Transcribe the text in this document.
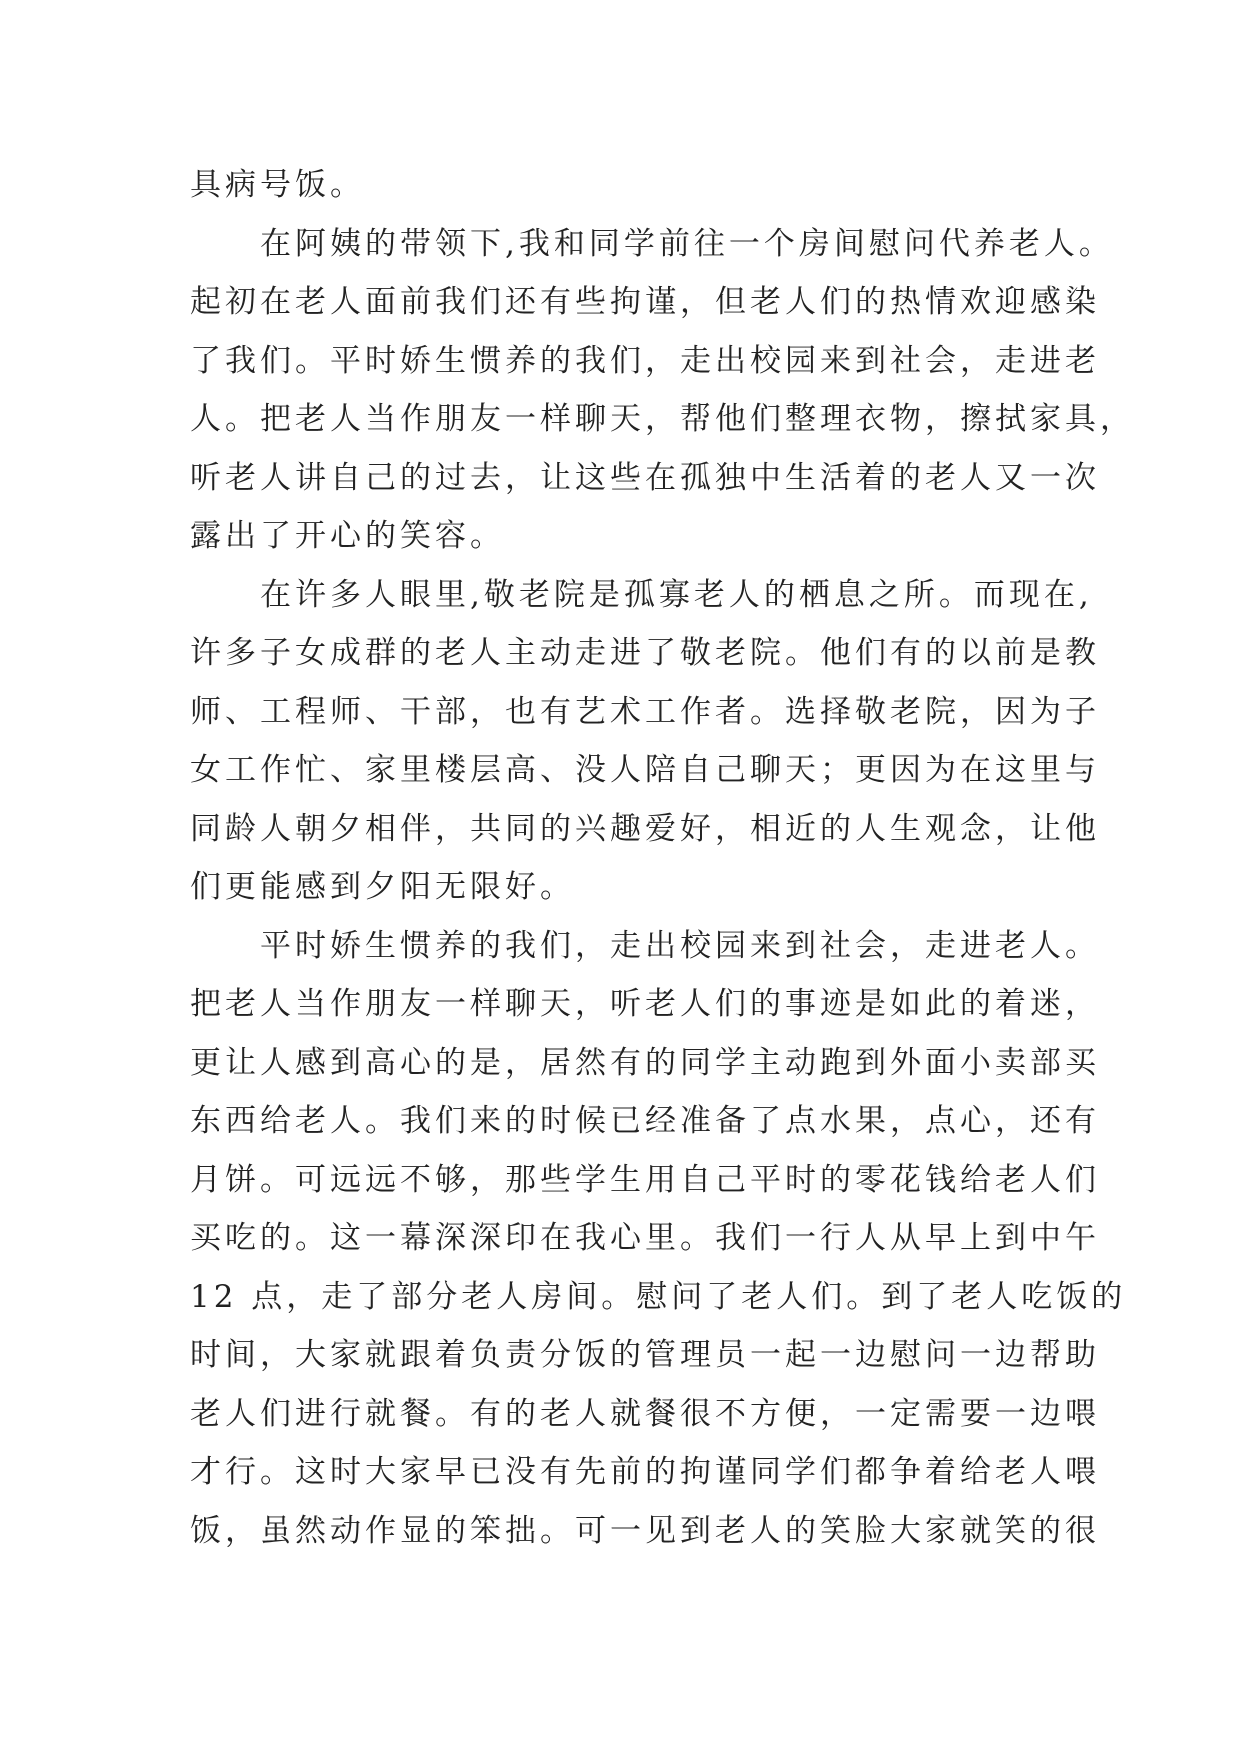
具病号饭。
　　在阿姨的带领下,我和同学前往一个房间慰问代养老人。
起初在老人面前我们还有些拘谨，但老人们的热情欢迎感染
了我们。平时娇生惯养的我们，走出校园来到社会，走进老
人。把老人当作朋友一样聊天，帮他们整理衣物，擦拭家具，
听老人讲自己的过去，让这些在孤独中生活着的老人又一次
露出了开心的笑容。
　　在许多人眼里,敬老院是孤寡老人的栖息之所。而现在,
许多子女成群的老人主动走进了敬老院。他们有的以前是教
师、工程师、干部，也有艺术工作者。选择敬老院，因为子
女工作忙、家里楼层高、没人陪自己聊天；更因为在这里与
同龄人朝夕相伴，共同的兴趣爱好，相近的人生观念，让他
们更能感到夕阳无限好。
　　平时娇生惯养的我们，走出校园来到社会，走进老人。
把老人当作朋友一样聊天，听老人们的事迹是如此的着迷，
更让人感到高心的是，居然有的同学主动跑到外面小卖部买
东西给老人。我们来的时候已经准备了点水果，点心，还有
月饼。可远远不够，那些学生用自己平时的零花钱给老人们
买吃的。这一幕深深印在我心里。我们一行人从早上到中午
12 点，走了部分老人房间。慰问了老人们。到了老人吃饭的
时间，大家就跟着负责分饭的管理员一起一边慰问一边帮助
老人们进行就餐。有的老人就餐很不方便，一定需要一边喂
才行。这时大家早已没有先前的拘谨同学们都争着给老人喂
饭，虽然动作显的笨拙。可一见到老人的笑脸大家就笑的很
